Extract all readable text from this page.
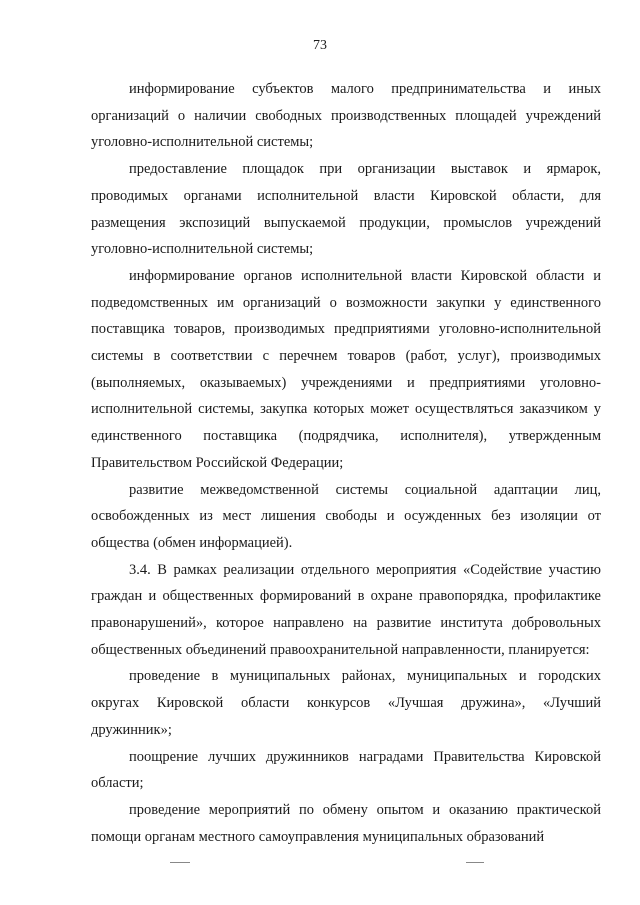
73

информирование субъектов малого предпринимательства и иных организаций о наличии свободных производственных площадей учреждений уголовно-исполнительной системы;

предоставление площадок при организации выставок и ярмарок, проводимых органами исполнительной власти Кировской области, для размещения экспозиций выпускаемой продукции, промыслов учреждений уголовно-исполнительной системы;

информирование органов исполнительной власти Кировской области и подведомственных им организаций о возможности закупки у единственного поставщика товаров, производимых предприятиями уголовно-исполнительной системы в соответствии с перечнем товаров (работ, услуг), производимых (выполняемых, оказываемых) учреждениями и предприятиями уголовно-исполнительной системы, закупка которых может осуществляться заказчиком у единственного поставщика (подрядчика, исполнителя), утвержденным Правительством Российской Федерации;

развитие межведомственной системы социальной адаптации лиц, освобожденных из мест лишения свободы и осужденных без изоляции от общества (обмен информацией).

3.4. В рамках реализации отдельного мероприятия «Содействие участию граждан и общественных формирований в охране правопорядка, профилактике правонарушений», которое направлено на развитие института добровольных общественных объединений правоохранительной направленности, планируется:

проведение в муниципальных районах, муниципальных и городских округах Кировской области конкурсов «Лучшая дружина», «Лучший дружинник»;

поощрение лучших дружинников наградами Правительства Кировской области;

проведение мероприятий по обмену опытом и оказанию практической помощи органам местного самоуправления муниципальных образований
